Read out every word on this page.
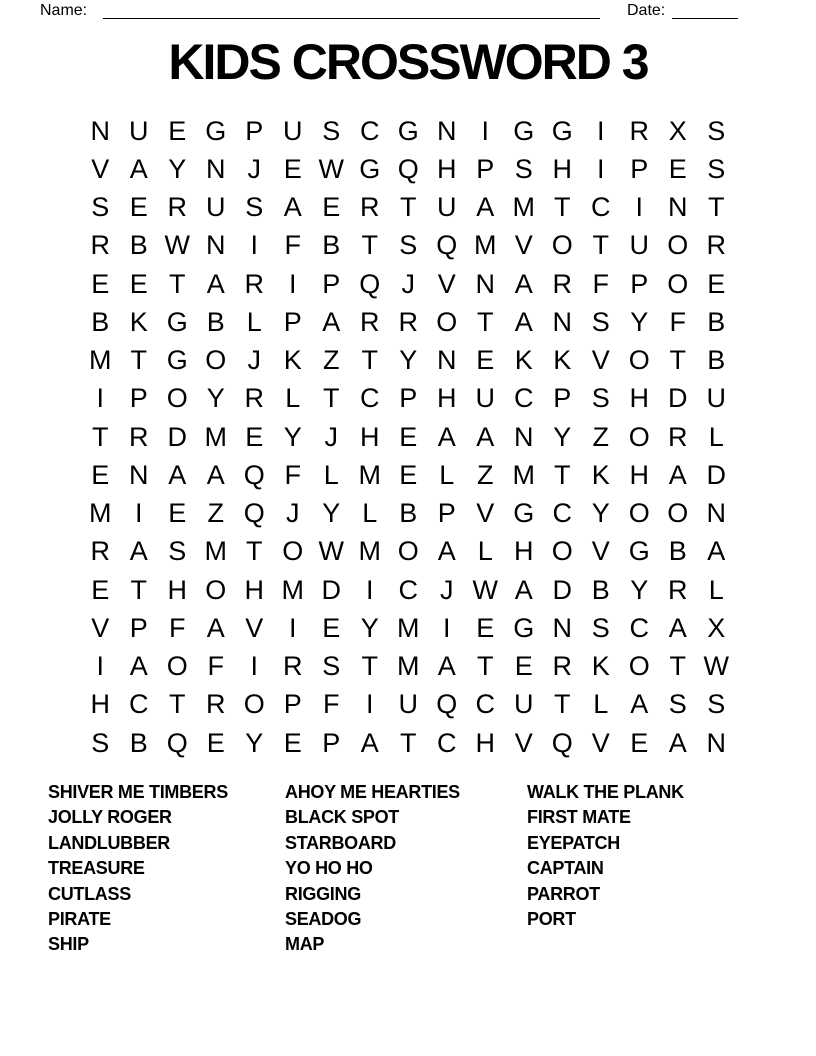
Name:	Date:
KIDS CROSSWORD 3
N U E G P U S C G N I G G I R X S
V A Y N J E W G Q H P S H I P E S
S E R U S A E R T U A M T C I N T
R B W N I F B T S Q M V O T U O R
E E T A R I P Q J V N A R F P O E
B K G B L P A R R O T A N S Y F B
M T G O J K Z T Y N E K K V O T B
I P O Y R L T C P H U C P S H D U
T R D M E Y J H E A A N Y Z O R L
E N A A Q F L M E L Z M T K H A D
M I E Z Q J Y L B P V G C Y O O N
R A S M T O W M O A L H O V G B A
E T H O H M D I C J W A D B Y R L
V P F A V I E Y M I E G N S C A X
I A O F I R S T M A T E R K O T W
H C T R O P F I U Q C U T L A S S
S B Q E Y E P A T C H V Q V E A N
SHIVER ME TIMBERS
JOLLY ROGER
LANDLUBBER
TREASURE
CUTLASS
PIRATE
SHIP
AHOY ME HEARTIES
BLACK SPOT
STARBOARD
YO HO HO
RIGGING
SEADOG
MAP
WALK THE PLANK
FIRST MATE
EYEPATCH
CAPTAIN
PARROT
PORT
